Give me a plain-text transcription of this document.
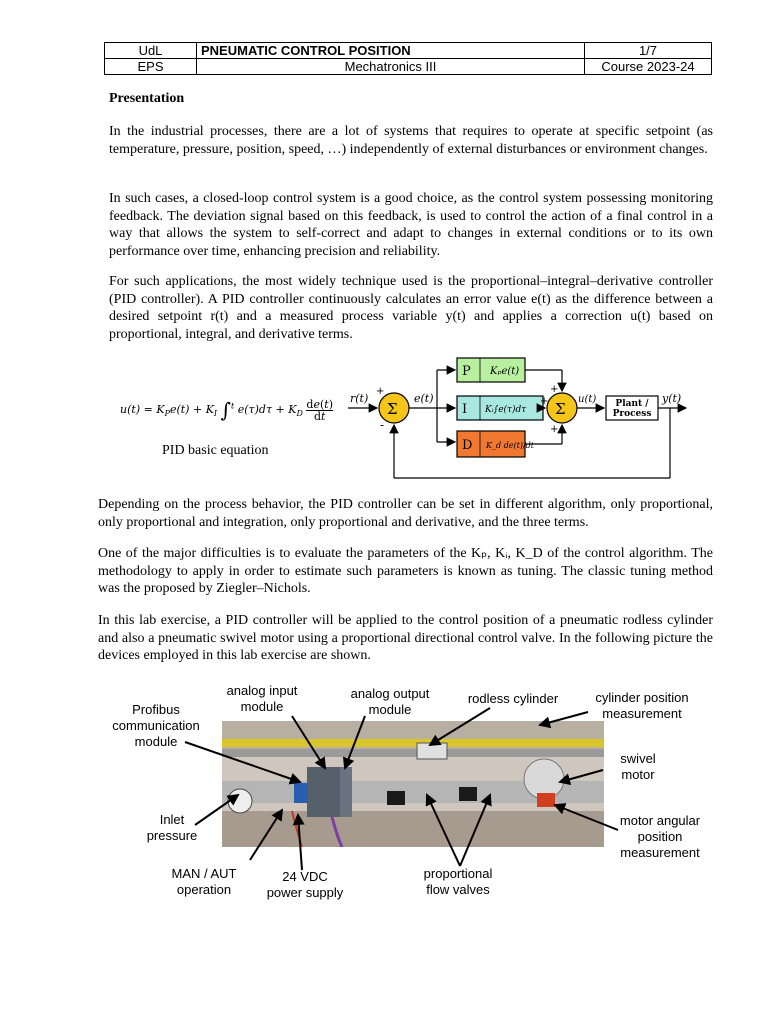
UdL	PNEUMATIC CONTROL POSITION	1/7
EPS	Mechatronics III	Course 2023-24
Presentation

In the industrial processes, there are a lot of systems that requires to operate at specific setpoint (as temperature, pressure, position, speed, …) independently of external disturbances or environment changes.

In such cases, a closed-loop control system is a good choice, as the control system possessing monitoring feedback. The deviation signal based on this feedback, is used to control the action of a final control in a way that allows the system to self-correct and adapt to changes in external conditions or to its own performance over time, enhancing precision and reliability.

For such applications, the most widely technique used is the proportional–integral–derivative controller (PID controller). A PID controller continuously calculates an error value e(t) as the difference between a desired setpoint r(t) and a measured process variable y(t) and applies a correction u(t) based on proportional, integral, and derivative terms.

$u(t) = K_Pe(t) + K_I$ ∫$^t$ $e(\tau)d\tau + K_D \frac{de(t)}{dt}$
PID basic equation
r(t)
Σ
+
-
e(t)
P Kₚe(t)
I Kᵢ∫e(τ)dτ
D K_d de(t)/dt
Σ
+
+
+
u(t) Plant /
Process
y(t)

Depending on the process behavior, the PID controller can be set in different algorithm, only proportional, only proportional and integration, only proportional and derivative, and the three terms.

One of the major difficulties is to evaluate the parameters of the Kₚ, Kᵢ, K_D of the control algorithm. The methodology to apply in order to estimate such parameters is known as tuning. The classic tuning method was the proposed by Ziegler–Nichols.

In this lab exercise, a PID controller will be applied to the control position of a pneumatic rodless cylinder and also a pneumatic swivel motor using a proportional directional control valve. In the following picture the devices employed in this lab exercise are shown.

Profibus
communication
module
analog input
module
analog output
module
rodless cylinder	cylinder position
measurement
swivel
motor
Inlet
pressure
motor angular
position
measurement
MAN / AUT
operation
24 VDC
power supply
proportional
flow valves
